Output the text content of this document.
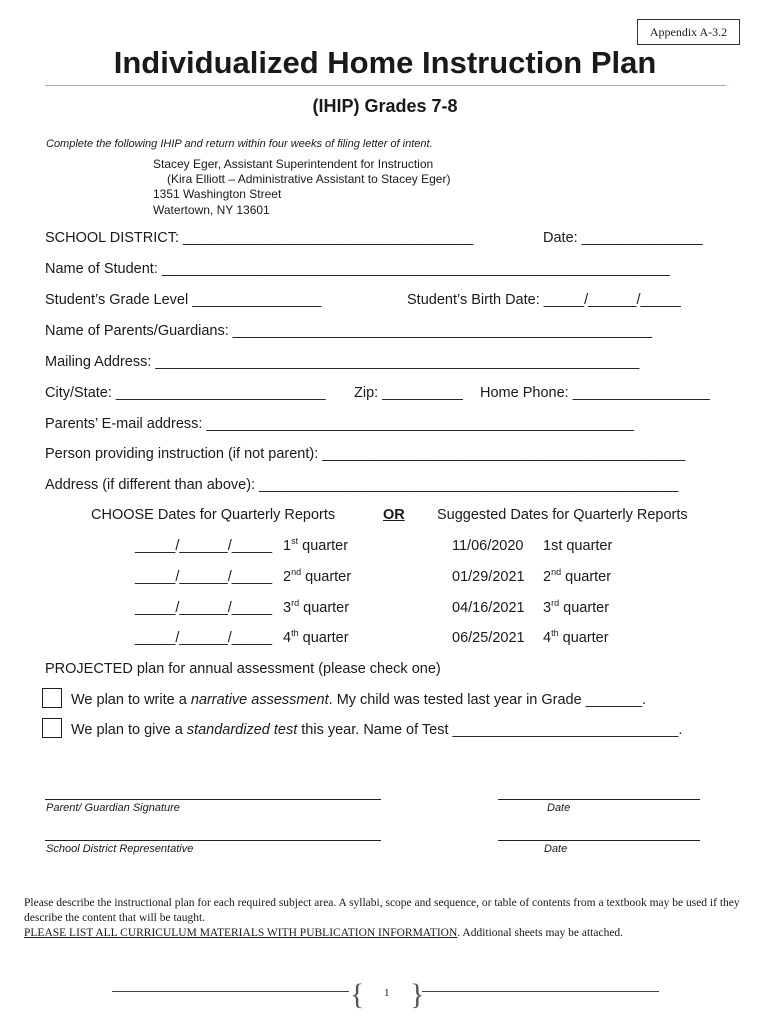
Appendix A-3.2
Individualized Home Instruction Plan
(IHIP) Grades 7-8
Complete the following IHIP and return within four weeks of filing letter of intent.
Stacey Eger, Assistant Superintendent for Instruction
(Kira Elliott – Administrative Assistant to Stacey Eger)
1351 Washington Street
Watertown, NY 13601
SCHOOL DISTRICT: ____________________________________	Date: _______________
Name of Student: _______________________________________________________________
Student’s Grade Level ________________	Student’s Birth Date: _____/______/_____
Name of Parents/Guardians: ____________________________________________________
Mailing Address: ____________________________________________________________
City/State: __________________________ Zip: __________ Home Phone: _________________
Parents’ E-mail address: _____________________________________________________
Person providing instruction (if not parent): _____________________________________________
Address (if different than above): ____________________________________________________
CHOOSE Dates for Quarterly Reports	OR Suggested Dates for Quarterly Reports
_____/______/_____ 1st quarter	11/06/2020 1st quarter
_____/______/_____ 2nd quarter	01/29/2021 2nd quarter
_____/______/_____ 3rd quarter	04/16/2021 3rd quarter
_____/______/_____ 4th quarter	06/25/2021 4th quarter
PROJECTED plan for annual assessment (please check one)
We plan to write a narrative assessment. My child was tested last year in Grade _______.
We plan to give a standardized test this year. Name of Test ____________________________.
Parent/ Guardian Signature	Date
School District Representative	Date
Please describe the instructional plan for each required subject area. A syllabi, scope and sequence, or table of contents from a textbook may be used if they describe the content that will be taught.
PLEASE LIST ALL CURRICULUM MATERIALS WITH PUBLICATION INFORMATION. Additional sheets may be attached.
{ }
1
